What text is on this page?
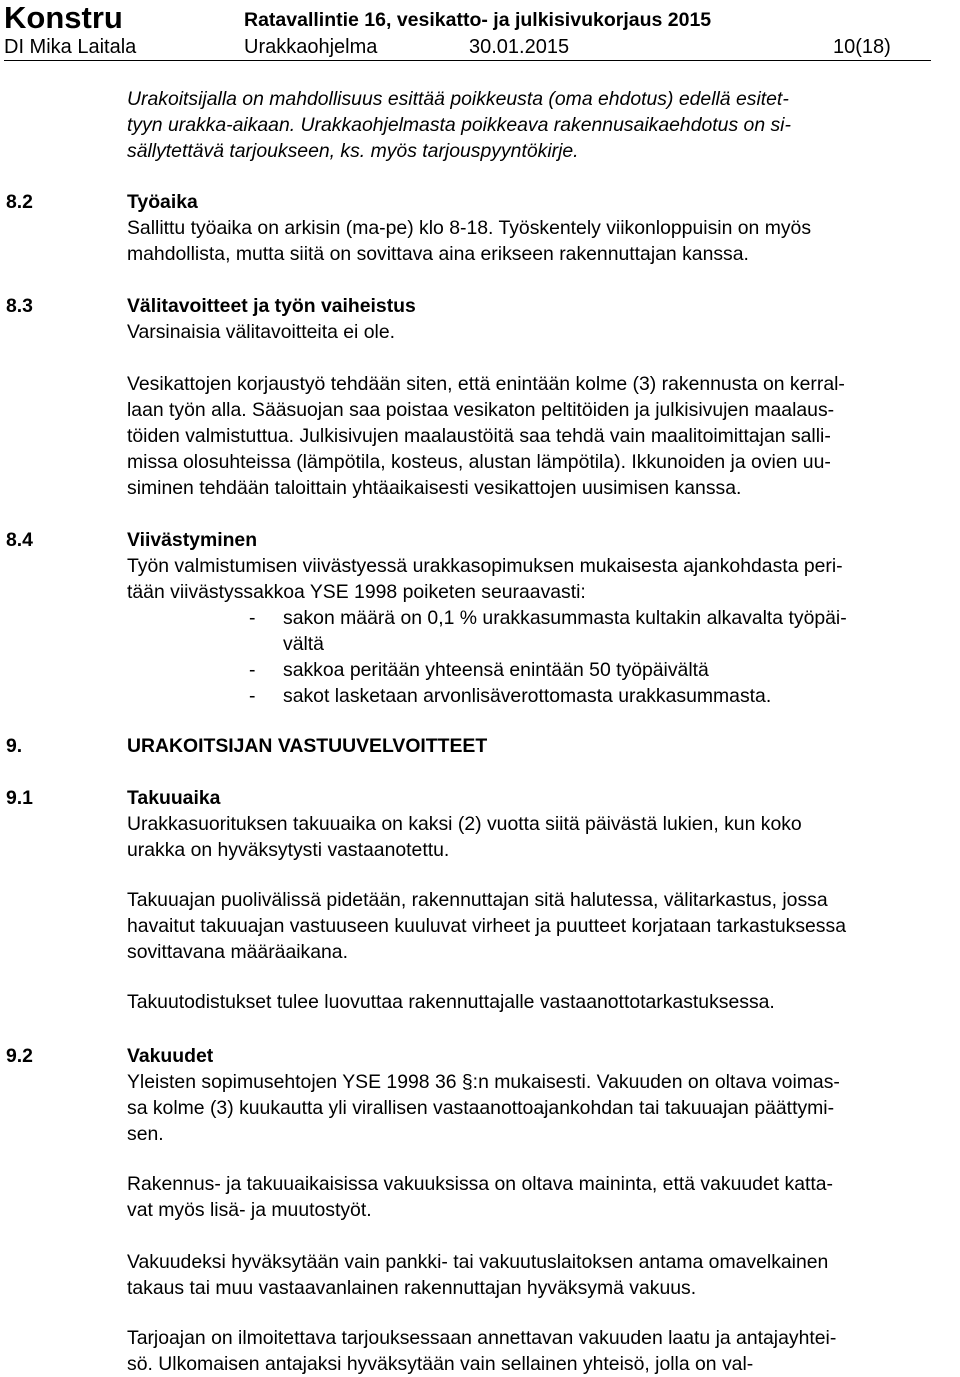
Konstru	Ratavallintie 16, vesikatto- ja julkisivukorjaus 2015
DI Mika Laitala	Urakkaohjelma	30.01.2015	10(18)
Urakoitsijalla on mahdollisuus esittää poikkeusta (oma ehdotus) edellä esitet-
tyyn urakka-aikaan. Urakkaohjelmasta poikkeava rakennusaikaehdotus on si-
sällytettävä tarjoukseen, ks. myös tarjouspyyntökirje.
8.2	Työaika
Sallittu työaika on arkisin (ma-pe) klo 8-18. Työskentely viikonloppuisin on myös
mahdollista, mutta siitä on sovittava aina erikseen rakennuttajan kanssa.
8.3	Välitavoitteet ja työn vaiheistus
Varsinaisia välitavoitteita ei ole.
Vesikattojen korjaustyö tehdään siten, että enintään kolme (3) rakennusta on kerral-
laan työn alla. Sääsuojan saa poistaa vesikaton peltitöiden ja julkisivujen maalaus-
töiden valmistuttua. Julkisivujen maalaustöitä saa tehdä vain maalitoimittajan salli-
missa olosuhteissa (lämpötila, kosteus, alustan lämpötila). Ikkunoiden ja ovien uu-
siminen tehdään taloittain yhtäaikaisesti vesikattojen uusimisen kanssa.
8.4	Viivästyminen
Työn valmistumisen viivästyessä urakkasopimuksen mukaisesta ajankohdasta peri-
tään viivästyssakkoa YSE 1998 poiketen seuraavasti:
- sakon määrä on 0,1 % urakkasummasta kultakin alkavalta työpäi-
vältä
- sakkoa peritään yhteensä enintään 50 työpäivältä
- sakot lasketaan arvonlisäverottomasta urakkasummasta.
9.	URAKOITSIJAN VASTUUVELVOITTEET
9.1	Takuuaika
Urakkasuorituksen takuuaika on kaksi (2) vuotta siitä päivästä lukien, kun koko
urakka on hyväksytysti vastaanotettu.
Takuuajan puolivälissä pidetään, rakennuttajan sitä halutessa, välitarkastus, jossa
havaitut takuuajan vastuuseen kuuluvat virheet ja puutteet korjataan tarkastuksessa
sovittavana määräaikana.
Takuutodistukset tulee luovuttaa rakennuttajalle vastaanottotarkastuksessa.
9.2	Vakuudet
Yleisten sopimusehtojen YSE 1998 36 §:n mukaisesti. Vakuuden on oltava voimas-
sa kolme (3) kuukautta yli virallisen vastaanottoajankohdan tai takuuajan päättymi-
sen.
Rakennus- ja takuuaikaisissa vakuuksissa on oltava maininta, että vakuudet katta-
vat myös lisä- ja muutostyöt.
Vakuudeksi hyväksytään vain pankki- tai vakuutuslaitoksen antama omavelkainen
takaus tai muu vastaavanlainen rakennuttajan hyväksymä vakuus.
Tarjoajan on ilmoitettava tarjouksessaan annettavan vakuuden laatu ja antajayhtei-
sö. Ulkomaisen antajaksi hyväksytään vain sellainen yhteisö, jolla on val-
